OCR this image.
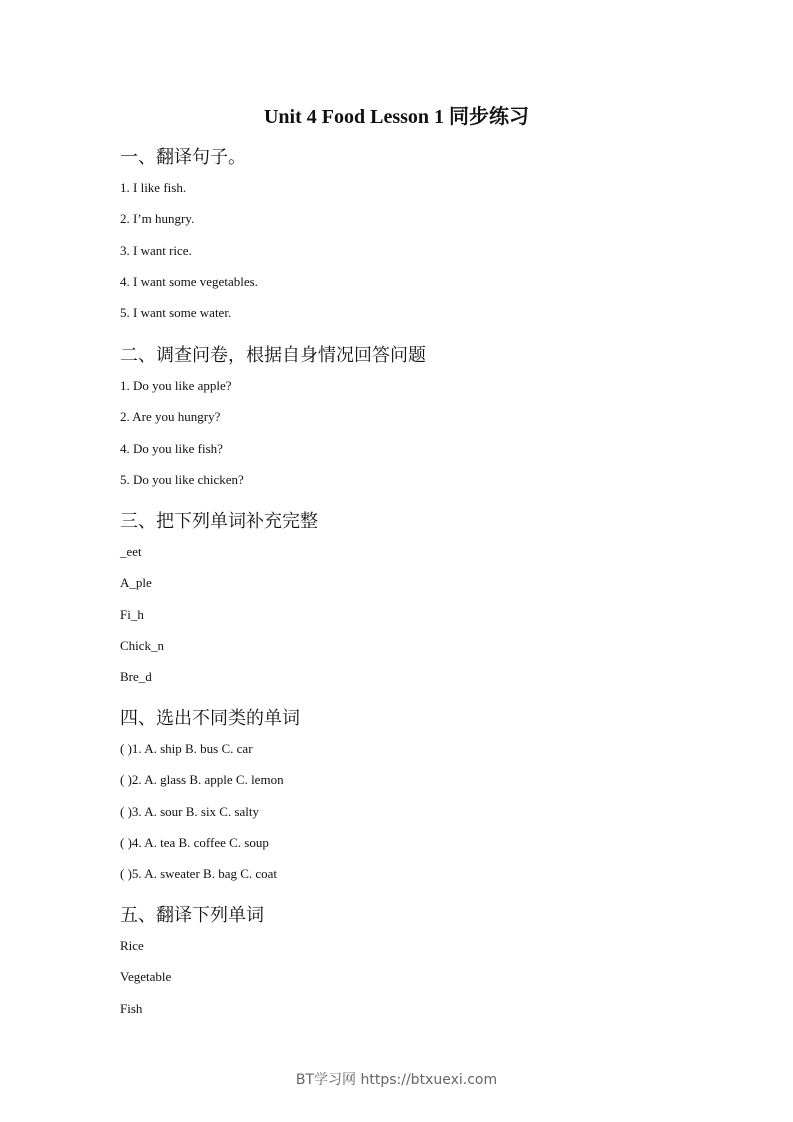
Unit 4 Food Lesson 1 同步练习
一、翻译句子。
1. I like fish.
2. I’m hungry.
3. I want rice.
4. I want some vegetables.
5. I want some water.
二、调查问卷，根据自身情况回答问题
1. Do you like apple?
2. Are you hungry?
4. Do you like fish?
5. Do you like chicken?
三、把下列单词补充完整
_eet
A_ple
Fi_h
Chick_n
Bre_d
四、选出不同类的单词
( )1. A. ship B. bus C. car
( )2. A. glass B. apple C. lemon
( )3. A. sour B. six C. salty
( )4. A. tea B. coffee C. soup
( )5. A. sweater B. bag C. coat
五、翻译下列单词
Rice
Vegetable
Fish
BT学习网 https://btxuexi.com
